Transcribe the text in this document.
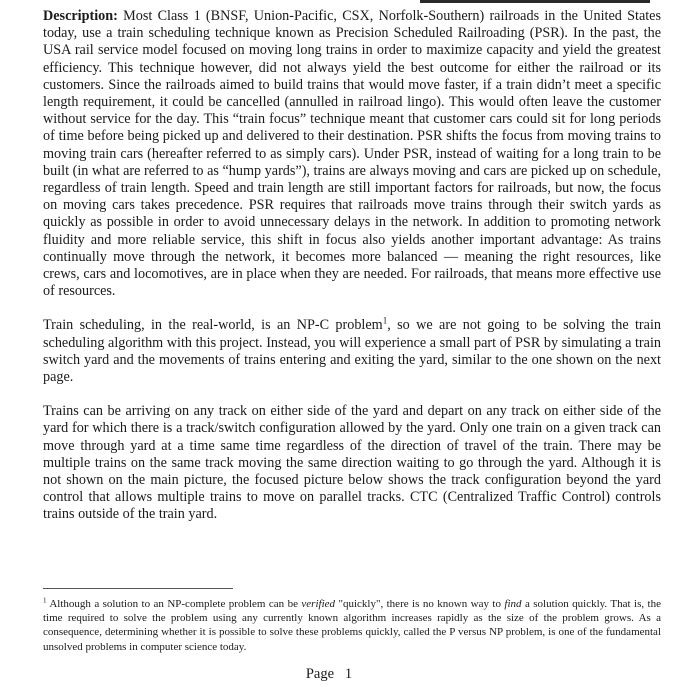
Description: Most Class 1 (BNSF, Union-Pacific, CSX, Norfolk-Southern) railroads in the United States today, use a train scheduling technique known as Precision Scheduled Railroading (PSR). In the past, the USA rail service model focused on moving long trains in order to maximize capacity and yield the greatest efficiency. This technique however, did not always yield the best outcome for either the railroad or its customers. Since the railroads aimed to build trains that would move faster, if a train didn’t meet a specific length requirement, it could be cancelled (annulled in railroad lingo). This would often leave the customer without service for the day. This “train focus” technique meant that customer cars could sit for long periods of time before being picked up and delivered to their destination. PSR shifts the focus from moving trains to moving train cars (hereafter referred to as simply cars). Under PSR, instead of waiting for a long train to be built (in what are referred to as “hump yards”), trains are always moving and cars are picked up on schedule, regardless of train length. Speed and train length are still important factors for railroads, but now, the focus on moving cars takes precedence. PSR requires that railroads move trains through their switch yards as quickly as possible in order to avoid unnecessary delays in the network. In addition to promoting network fluidity and more reliable service, this shift in focus also yields another important advantage: As trains continually move through the network, it becomes more balanced — meaning the right resources, like crews, cars and locomotives, are in place when they are needed. For railroads, that means more effective use of resources.

Train scheduling, in the real-world, is an NP-C problem$^1$, so we are not going to be solving the train scheduling algorithm with this project. Instead, you will experience a small part of PSR by simulating a train switch yard and the movements of trains entering and exiting the yard, similar to the one shown on the next page.

Trains can be arriving on any track on either side of the yard and depart on any track on either side of the yard for which there is a track/switch configuration allowed by the yard. Only one train on a given track can move through yard at a time same time regardless of the direction of travel of the train. There may be multiple trains on the same track moving the same direction waiting to go through the yard. Although it is not shown on the main picture, the focused picture below shows the track configuration beyond the yard control that allows multiple trains to move on parallel tracks. CTC (Centralized Traffic Control) controls trains outside of the train yard.

$^1$ Although a solution to an NP-complete problem can be verified "quickly", there is no known way to find a solution quickly. That is, the time required to solve the problem using any currently known algorithm increases rapidly as the size of the problem grows. As a consequence, determining whether it is possible to solve these problems quickly, called the P versus NP problem, is one of the fundamental unsolved problems in computer science today.

Page 1
